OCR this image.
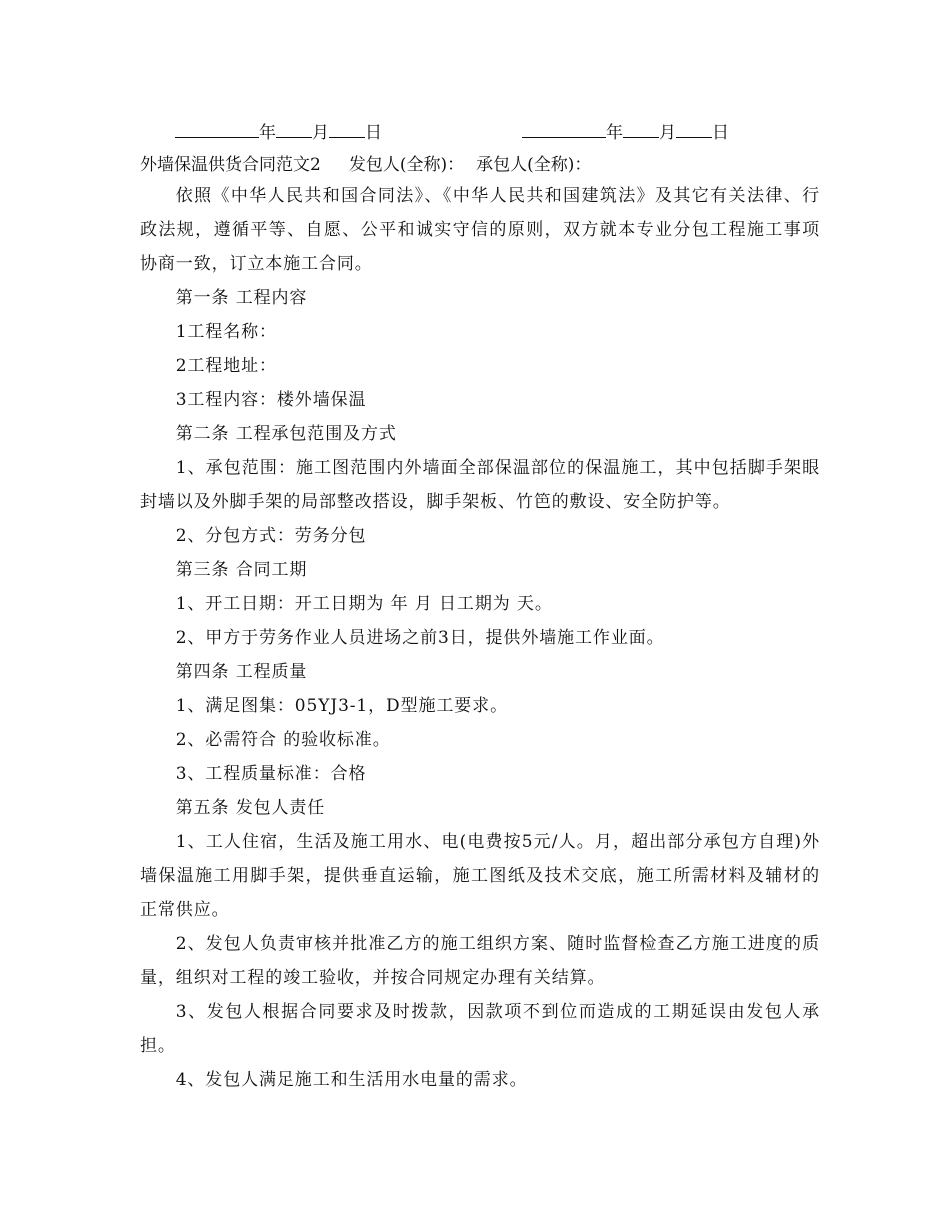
年 月 日	年 月 日
外墙保温供货合同范文2 发包人(全称)： 承包人(全称)：

依照《中华人民共和国合同法》、《中华人民共和国建筑法》及其它有关法律、行政法规，遵循平等、自愿、公平和诚实守信的原则，双方就本专业分包工程施工事项协商一致，订立本施工合同。

第一条 工程内容

1工程名称：

2工程地址：

3工程内容：楼外墙保温

第二条 工程承包范围及方式

1、承包范围：施工图范围内外墙面全部保温部位的保温施工，其中包括脚手架眼封墙以及外脚手架的局部整改搭设，脚手架板、竹笆的敷设、安全防护等。

2、分包方式：劳务分包

第三条 合同工期

1、开工日期：开工日期为 年 月 日工期为 天。

2、甲方于劳务作业人员进场之前3日，提供外墙施工作业面。

第四条 工程质量

1、满足图集：05YJ3-1，D型施工要求。

2、必需符合 的验收标准。

3、工程质量标准：合格

第五条 发包人责任

1、工人住宿，生活及施工用水、电(电费按5元/人。月，超出部分承包方自理)外墙保温施工用脚手架，提供垂直运输，施工图纸及技术交底，施工所需材料及辅材的正常供应。

2、发包人负责审核并批准乙方的施工组织方案、随时监督检查乙方施工进度的质量，组织对工程的竣工验收，并按合同规定办理有关结算。

3、发包人根据合同要求及时拨款，因款项不到位而造成的工期延误由发包人承担。

4、发包人满足施工和生活用水电量的需求。
